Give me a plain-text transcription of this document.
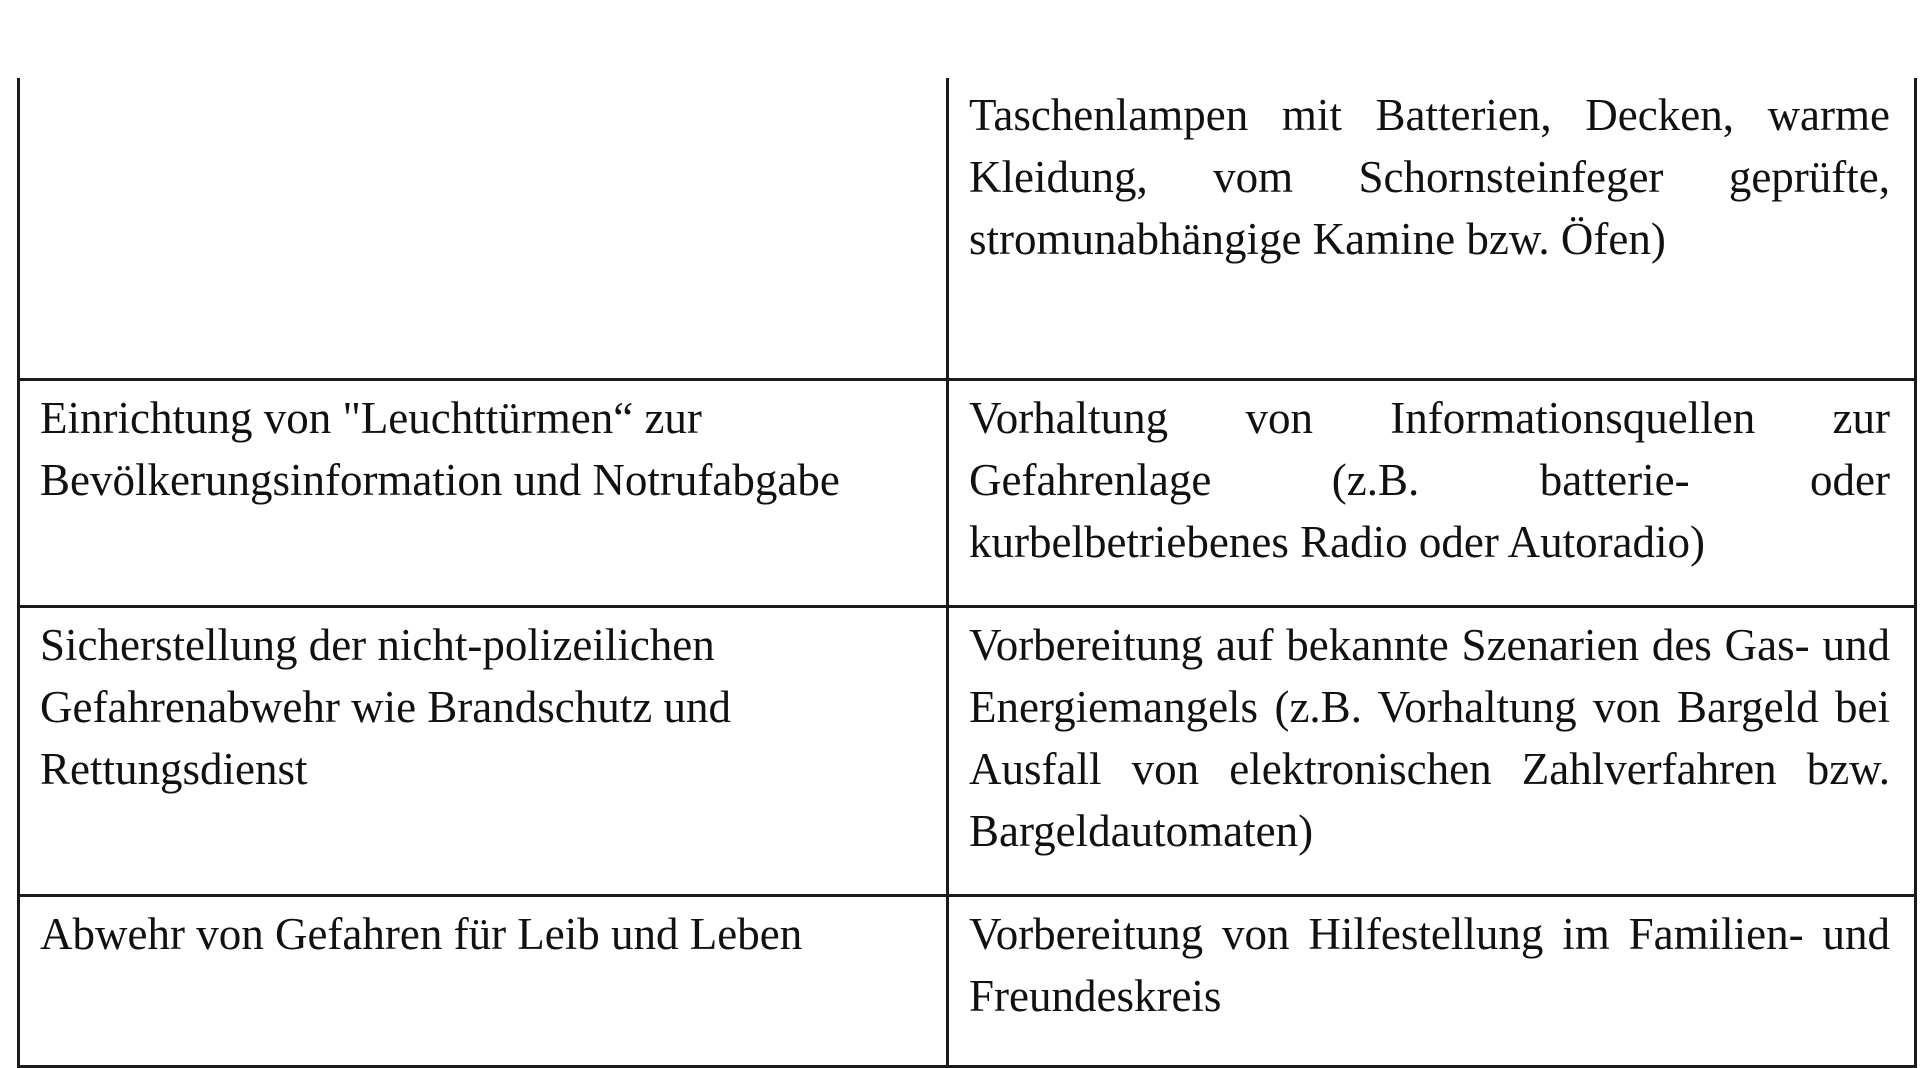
	Taschenlampen mit Batterien, Decken, warme Kleidung, vom Schornsteinfeger geprüfte, stromunabhängige Kamine bzw. Öfen)

Einrichtung von "Leuchttürmen“ zur Bevölkerungsinformation und Notrufabgabe	Vorhaltung von Informationsquellen zur Gefahrenlage (z.B. batterie- oder kurbelbetriebenes Radio oder Autoradio)

Sicherstellung der nicht-polizeilichen Gefahrenabwehr wie Brandschutz und Rettungsdienst	Vorbereitung auf bekannte Szenarien des Gas- und Energiemangels (z.B. Vorhaltung von Bargeld bei Ausfall von elektronischen Zahlverfahren bzw. Bargeldautomaten)

Abwehr von Gefahren für Leib und Leben	Vorbereitung von Hilfestellung im Familien- und Freundeskreis
